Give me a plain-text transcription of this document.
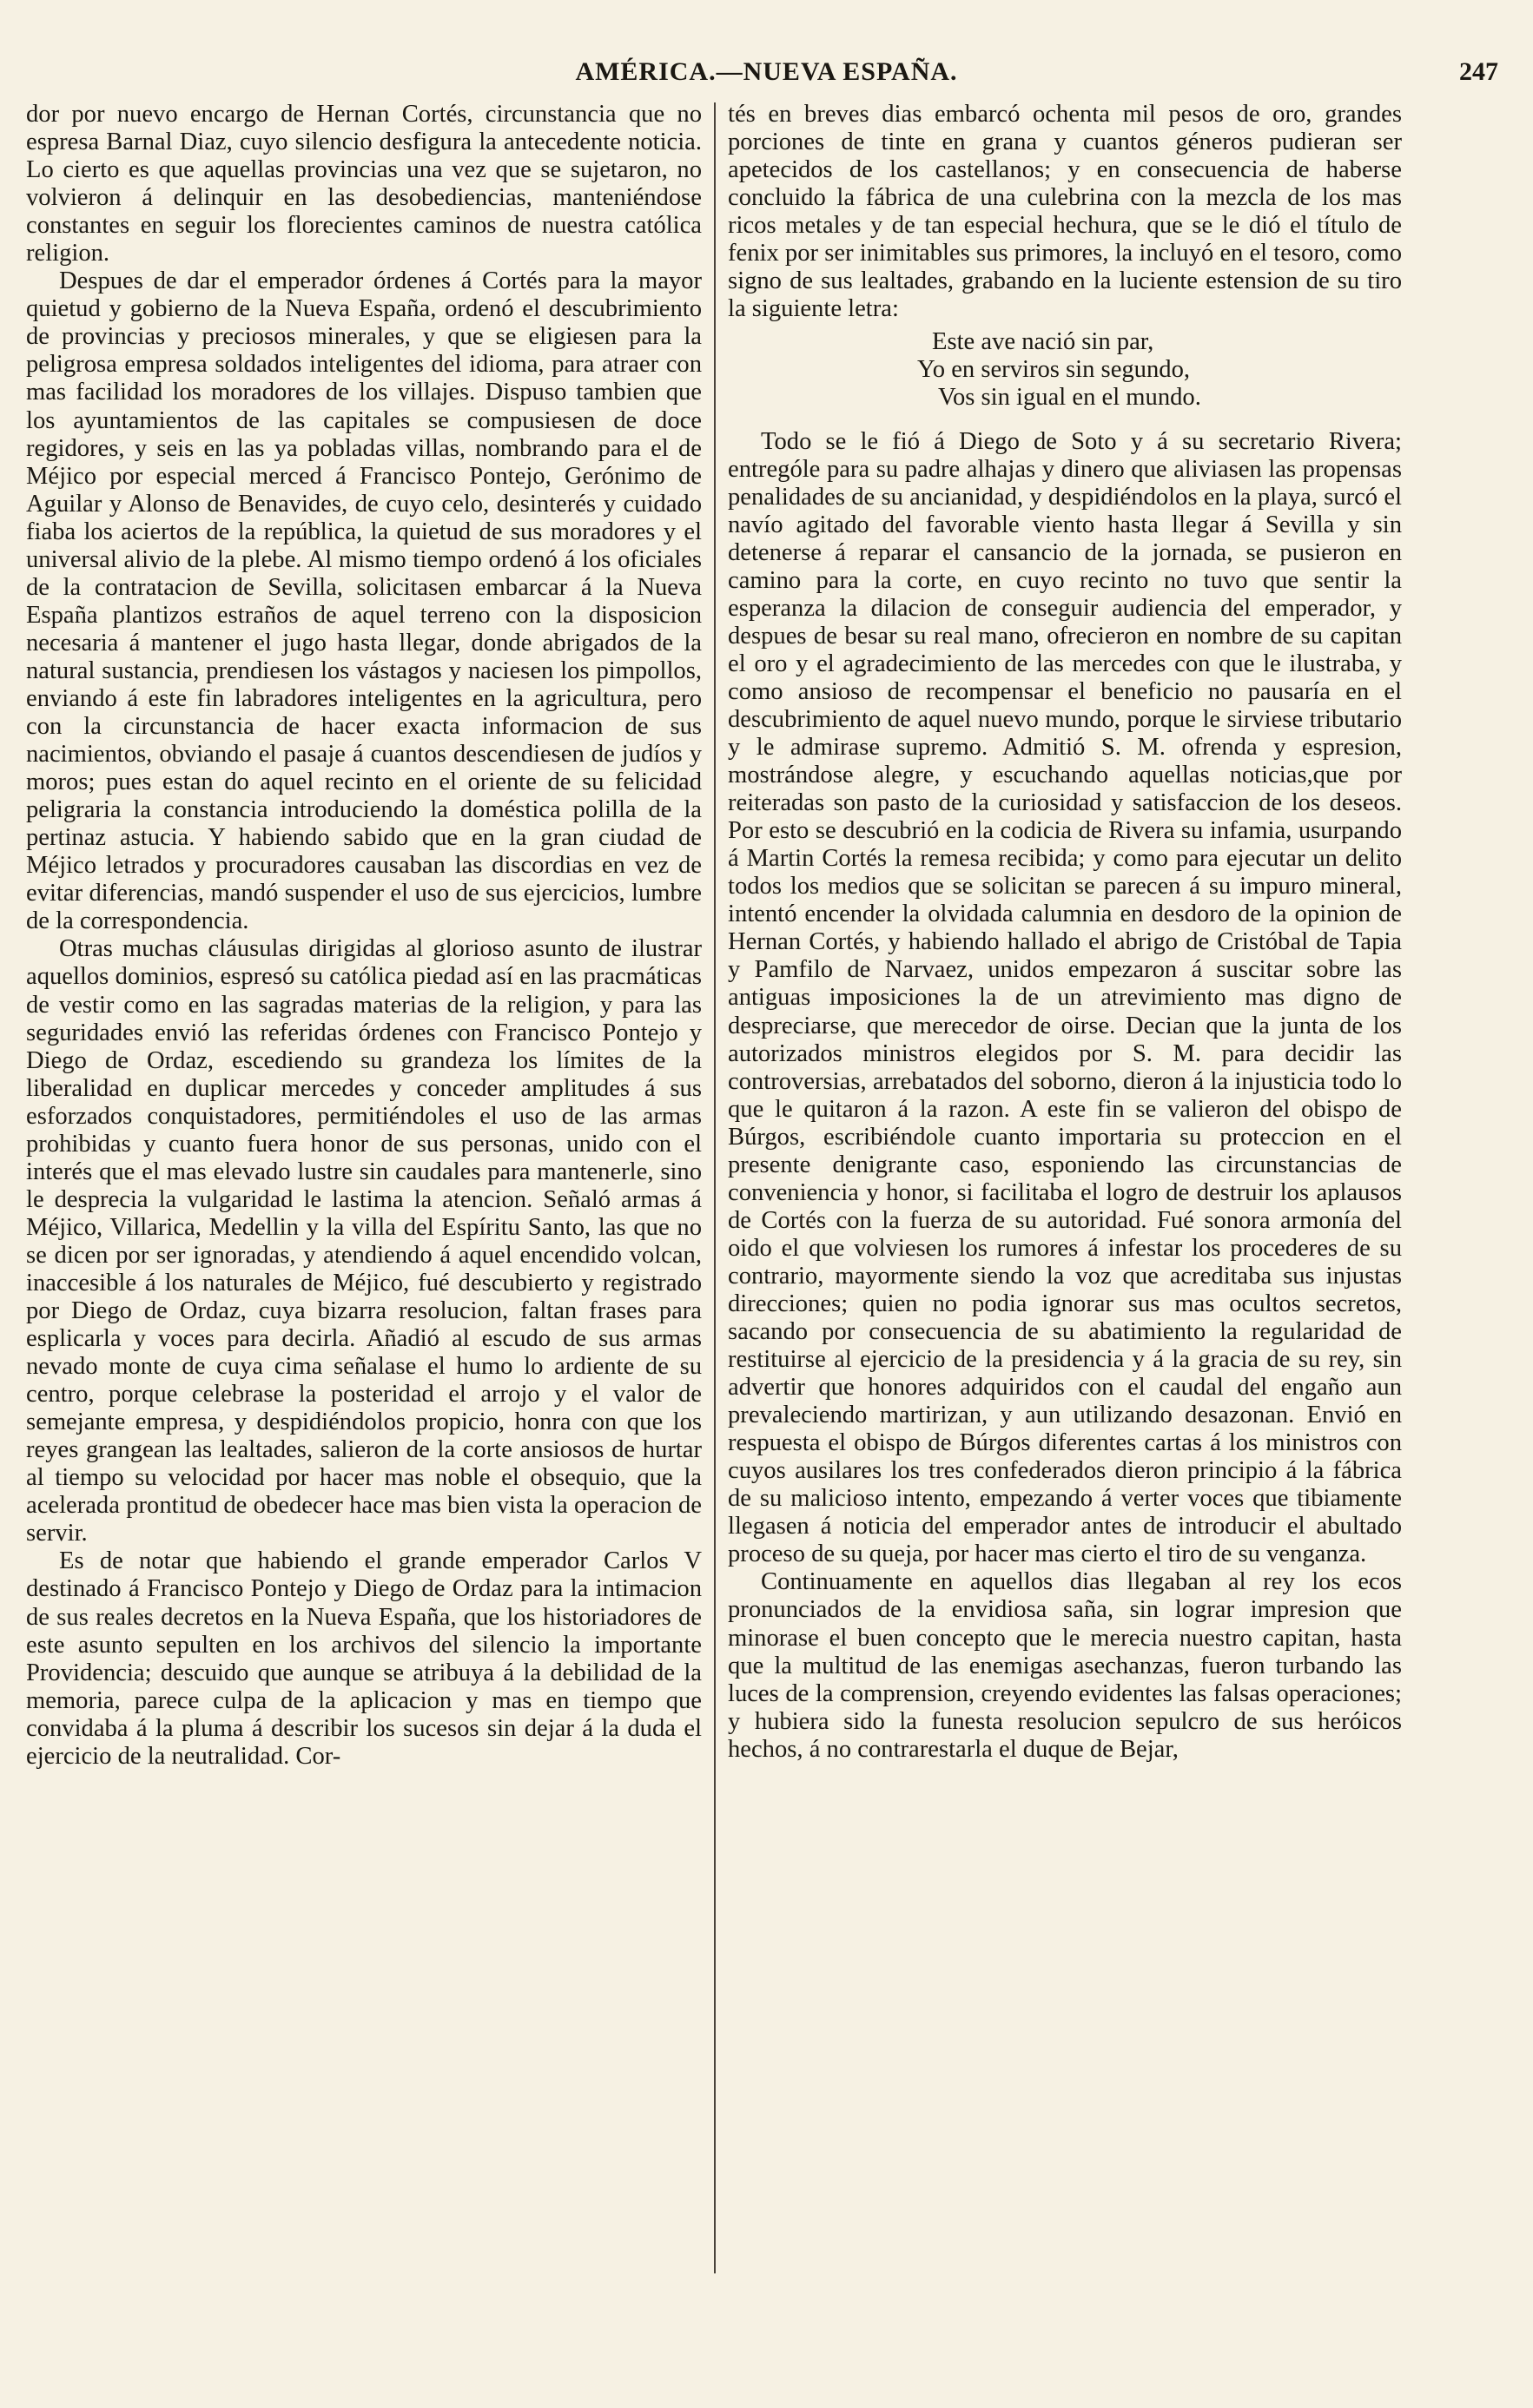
AMÉRICA.—NUEVA ESPAÑA.	247

dor por nuevo encargo de Hernan Cortés, circunstancia que no espresa Barnal Diaz, cuyo silencio desfigura la antecedente noticia. Lo cierto es que aquellas provincias una vez que se sujetaron, no volvieron á delinquir en las desobediencias, manteniéndose constantes en seguir los florecientes caminos de nuestra católica religion.

Despues de dar el emperador órdenes á Cortés para la mayor quietud y gobierno de la Nueva España, ordenó el descubrimiento de provincias y preciosos minerales, y que se eligiesen para la peligrosa empresa soldados inteligentes del idioma, para atraer con mas facilidad los moradores de los villajes. Dispuso tambien que los ayuntamientos de las capitales se compusiesen de doce regidores, y seis en las ya pobladas villas, nombrando para el de Méjico por especial merced á Francisco Pontejo, Gerónimo de Aguilar y Alonso de Benavides, de cuyo celo, desinterés y cuidado fiaba los aciertos de la república, la quietud de sus moradores y el universal alivio de la plebe. Al mismo tiempo ordenó á los oficiales de la contratacion de Sevilla, solicitasen embarcar á la Nueva España plantizos estraños de aquel terreno con la disposicion necesaria á mantener el jugo hasta llegar, donde abrigados de la natural sustancia, prendiesen los vástagos y naciesen los pimpollos, enviando á este fin labradores inteligentes en la agricultura, pero con la circunstancia de hacer exacta informacion de sus nacimientos, obviando el pasaje á cuantos descendiesen de judíos y moros; pues estan do aquel recinto en el oriente de su felicidad peligraria la constancia introduciendo la doméstica polilla de la pertinaz astucia. Y habiendo sabido que en la gran ciudad de Méjico letrados y procuradores causaban las discordias en vez de evitar diferencias, mandó suspender el uso de sus ejercicios, lumbre de la correspondencia.

Otras muchas cláusulas dirigidas al glorioso asunto de ilustrar aquellos dominios, espresó su católica piedad así en las pracmáticas de vestir como en las sagradas materias de la religion, y para las seguridades envió las referidas órdenes con Francisco Pontejo y Diego de Ordaz, escediendo su grandeza los límites de la liberalidad en duplicar mercedes y conceder amplitudes á sus esforzados conquistadores, permitiéndoles el uso de las armas prohibidas y cuanto fuera honor de sus personas, unido con el interés que el mas elevado lustre sin caudales para mantenerle, sino le desprecia la vulgaridad le lastima la atencion. Señaló armas á Méjico, Villarica, Medellin y la villa del Espíritu Santo, las que no se dicen por ser ignoradas, y atendiendo á aquel encendido volcan, inaccesible á los naturales de Méjico, fué descubierto y registrado por Diego de Ordaz, cuya bizarra resolucion, faltan frases para esplicarla y voces para decirla. Añadió al escudo de sus armas nevado monte de cuya cima señalase el humo lo ardiente de su centro, porque celebrase la posteridad el arrojo y el valor de semejante empresa, y despidiéndolos propicio, honra con que los reyes grangean las lealtades, salieron de la corte ansiosos de hurtar al tiempo su velocidad por hacer mas noble el obsequio, que la acelerada prontitud de obedecer hace mas bien vista la operacion de servir.

Es de notar que habiendo el grande emperador Carlos V destinado á Francisco Pontejo y Diego de Ordaz para la intimacion de sus reales decretos en la Nueva España, que los historiadores de este asunto sepulten en los archivos del silencio la importante Providencia; descuido que aunque se atribuya á la debilidad de la memoria, parece culpa de la aplicacion y mas en tiempo que convidaba á la pluma á describir los sucesos sin dejar á la duda el ejercicio de la neutralidad. Cor-

tés en breves dias embarcó ochenta mil pesos de oro, grandes porciones de tinte en grana y cuantos géneros pudieran ser apetecidos de los castellanos; y en consecuencia de haberse concluido la fábrica de una culebrina con la mezcla de los mas ricos metales y de tan especial hechura, que se le dió el título de fenix por ser inimitables sus primores, la incluyó en el tesoro, como signo de sus lealtades, grabando en la luciente estension de su tiro la siguiente letra:

Este ave nació sin par,
Yo en serviros sin segundo,
Vos sin igual en el mundo.

Todo se le fió á Diego de Soto y á su secretario Rivera; entrególe para su padre alhajas y dinero que aliviasen las propensas penalidades de su ancianidad, y despidiéndolos en la playa, surcó el navío agitado del favorable viento hasta llegar á Sevilla y sin detenerse á reparar el cansancio de la jornada, se pusieron en camino para la corte, en cuyo recinto no tuvo que sentir la esperanza la dilacion de conseguir audiencia del emperador, y despues de besar su real mano, ofrecieron en nombre de su capitan el oro y el agradecimiento de las mercedes con que le ilustraba, y como ansioso de recompensar el beneficio no pausaría en el descubrimiento de aquel nuevo mundo, porque le sirviese tributario y le admirase supremo. Admitió S. M. ofrenda y espresion, mostrándose alegre, y escuchando aquellas noticias,que por reiteradas son pasto de la curiosidad y satisfaccion de los deseos. Por esto se descubrió en la codicia de Rivera su infamia, usurpando á Martin Cortés la remesa recibida; y como para ejecutar un delito todos los medios que se solicitan se parecen á su impuro mineral, intentó encender la olvidada calumnia en desdoro de la opinion de Hernan Cortés, y habiendo hallado el abrigo de Cristóbal de Tapia y Pamfilo de Narvaez, unidos empezaron á suscitar sobre las antiguas imposiciones la de un atrevimiento mas digno de despreciarse, que merecedor de oirse. Decian que la junta de los autorizados ministros elegidos por S. M. para decidir las controversias, arrebatados del soborno, dieron á la injusticia todo lo que le quitaron á la razon. A este fin se valieron del obispo de Búrgos, escribiéndole cuanto importaria su proteccion en el presente denigrante caso, esponiendo las circunstancias de conveniencia y honor, si facilitaba el logro de destruir los aplausos de Cortés con la fuerza de su autoridad. Fué sonora armonía del oido el que volviesen los rumores á infestar los procederes de su contrario, mayormente siendo la voz que acreditaba sus injustas direcciones; quien no podia ignorar sus mas ocultos secretos, sacando por consecuencia de su abatimiento la regularidad de restituirse al ejercicio de la presidencia y á la gracia de su rey, sin advertir que honores adquiridos con el caudal del engaño aun prevaleciendo martirizan, y aun utilizando desazonan. Envió en respuesta el obispo de Búrgos diferentes cartas á los ministros con cuyos ausilares los tres confederados dieron principio á la fábrica de su malicioso intento, empezando á verter voces que tibiamente llegasen á noticia del emperador antes de introducir el abultado proceso de su queja, por hacer mas cierto el tiro de su venganza.

Continuamente en aquellos dias llegaban al rey los ecos pronunciados de la envidiosa saña, sin lograr impresion que minorase el buen concepto que le merecia nuestro capitan, hasta que la multitud de las enemigas asechanzas, fueron turbando las luces de la comprension, creyendo evidentes las falsas operaciones; y hubiera sido la funesta resolucion sepulcro de sus heróicos hechos, á no contrarestarla el duque de Bejar,
